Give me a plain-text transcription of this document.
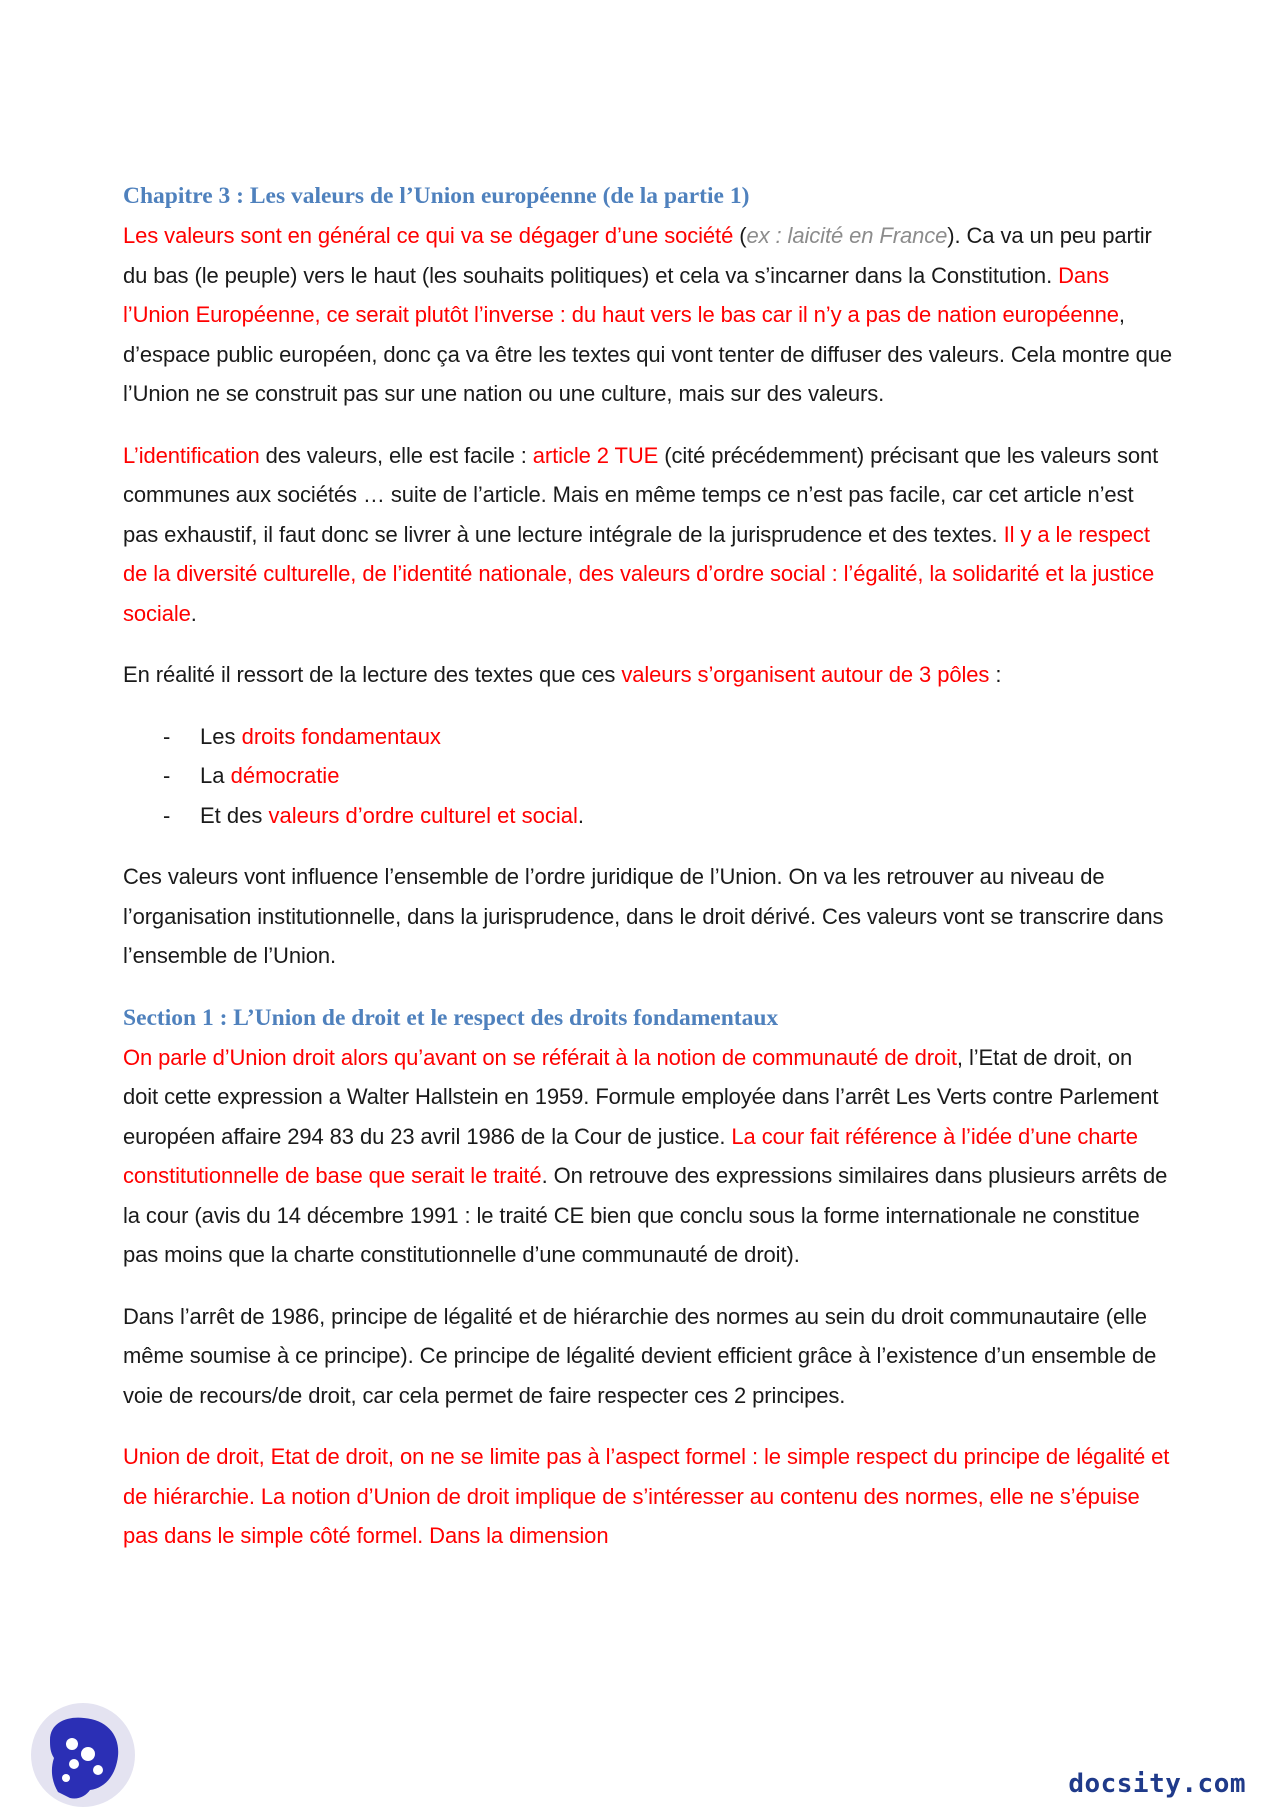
Chapitre 3 : Les valeurs de l’Union européenne (de la partie 1)

Les valeurs sont en général ce qui va se dégager d’une société (ex : laicité en France). Ca va un peu partir du bas (le peuple) vers le haut (les souhaits politiques) et cela va s’incarner dans la Constitution. Dans l’Union Européenne, ce serait plutôt l’inverse : du haut vers le bas car il n’y a pas de nation européenne, d’espace public européen, donc ça va être les textes qui vont tenter de diffuser des valeurs. Cela montre que l’Union ne se construit pas sur une nation ou une culture, mais sur des valeurs.

L’identification des valeurs, elle est facile : article 2 TUE (cité précédemment) précisant que les valeurs sont communes aux sociétés … suite de l’article. Mais en même temps ce n’est pas facile, car cet article n’est pas exhaustif, il faut donc se livrer à une lecture intégrale de la jurisprudence et des textes. Il y a le respect de la diversité culturelle, de l’identité nationale, des valeurs d’ordre social : l’égalité, la solidarité et la justice sociale.

En réalité il ressort de la lecture des textes que ces valeurs s’organisent autour de 3 pôles :

- Les droits fondamentaux
- La démocratie
- Et des valeurs d’ordre culturel et social.

Ces valeurs vont influence l’ensemble de l’ordre juridique de l’Union. On va les retrouver au niveau de l’organisation institutionnelle, dans la jurisprudence, dans le droit dérivé. Ces valeurs vont se transcrire dans l’ensemble de l’Union.

Section 1 : L’Union de droit et le respect des droits fondamentaux

On parle d’Union droit alors qu’avant on se référait à la notion de communauté de droit, l’Etat de droit, on doit cette expression a Walter Hallstein en 1959. Formule employée dans l’arrêt Les Verts contre Parlement européen affaire 294 83 du 23 avril 1986 de la Cour de justice. La cour fait référence à l’idée d’une charte constitutionnelle de base que serait le traité. On retrouve des expressions similaires dans plusieurs arrêts de la cour (avis du 14 décembre 1991 : le traité CE bien que conclu sous la forme internationale ne constitue pas moins que la charte constitutionnelle d’une communauté de droit).

Dans l’arrêt de 1986, principe de légalité et de hiérarchie des normes au sein du droit communautaire (elle même soumise à ce principe). Ce principe de légalité devient efficient grâce à l’existence d’un ensemble de voie de recours/de droit, car cela permet de faire respecter ces 2 principes.

Union de droit, Etat de droit, on ne se limite pas à l’aspect formel : le simple respect du principe de légalité et de hiérarchie. La notion d’Union de droit implique de s’intéresser au contenu des normes, elle ne s’épuise pas dans le simple côté formel. Dans la dimension

docsity.com
